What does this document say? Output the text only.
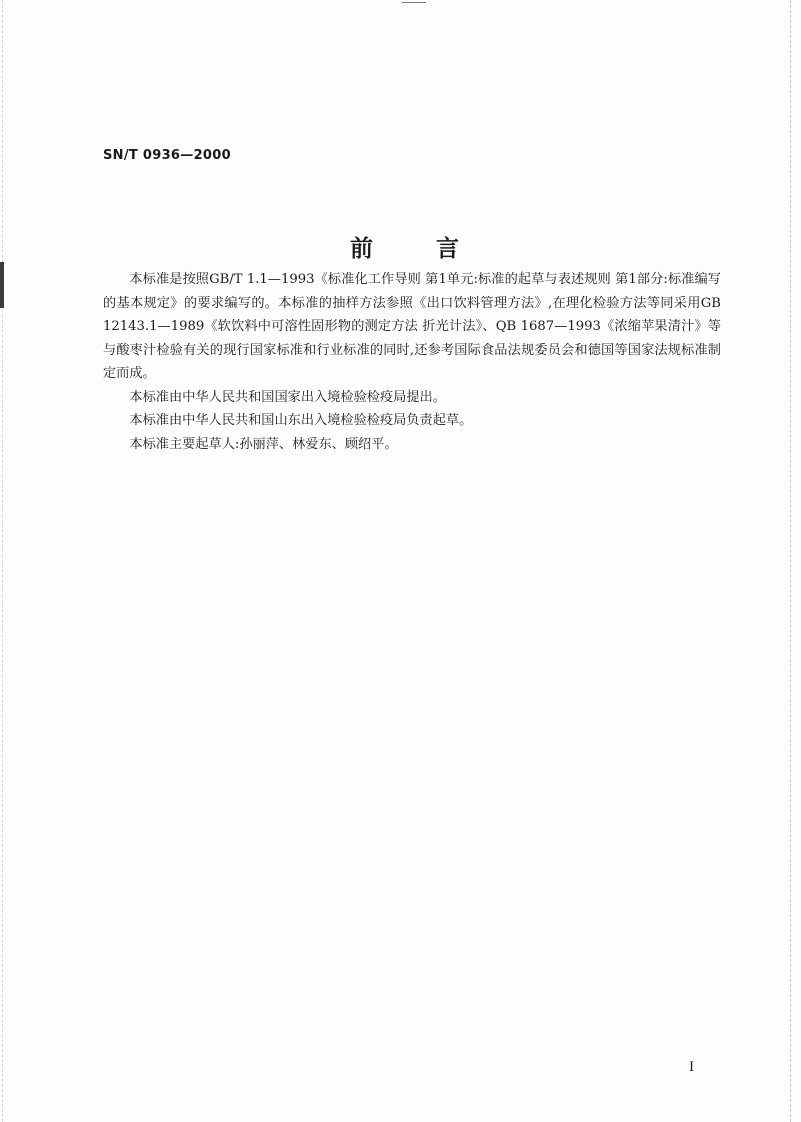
SN/T 0936—2000
前	言

本标准是按照GB/T 1.1—1993《标准化工作导则 第1单元:标准的起草与表述规则 第1部分:标准编写的基本规定》的要求编写的。本标准的抽样方法参照《出口饮料管理方法》,在理化检验方法等同采用GB 12143.1—1989《软饮料中可溶性固形物的测定方法 折光计法》、QB 1687—1993《浓缩苹果清汁》等与酸枣汁检验有关的现行国家标准和行业标准的同时,还参考国际食品法规委员会和德国等国家法规标准制定而成。

本标准由中华人民共和国国家出入境检验检疫局提出。

本标准由中华人民共和国山东出入境检验检疫局负责起草。

本标准主要起草人:孙丽萍、林爱东、顾绍平。

I
